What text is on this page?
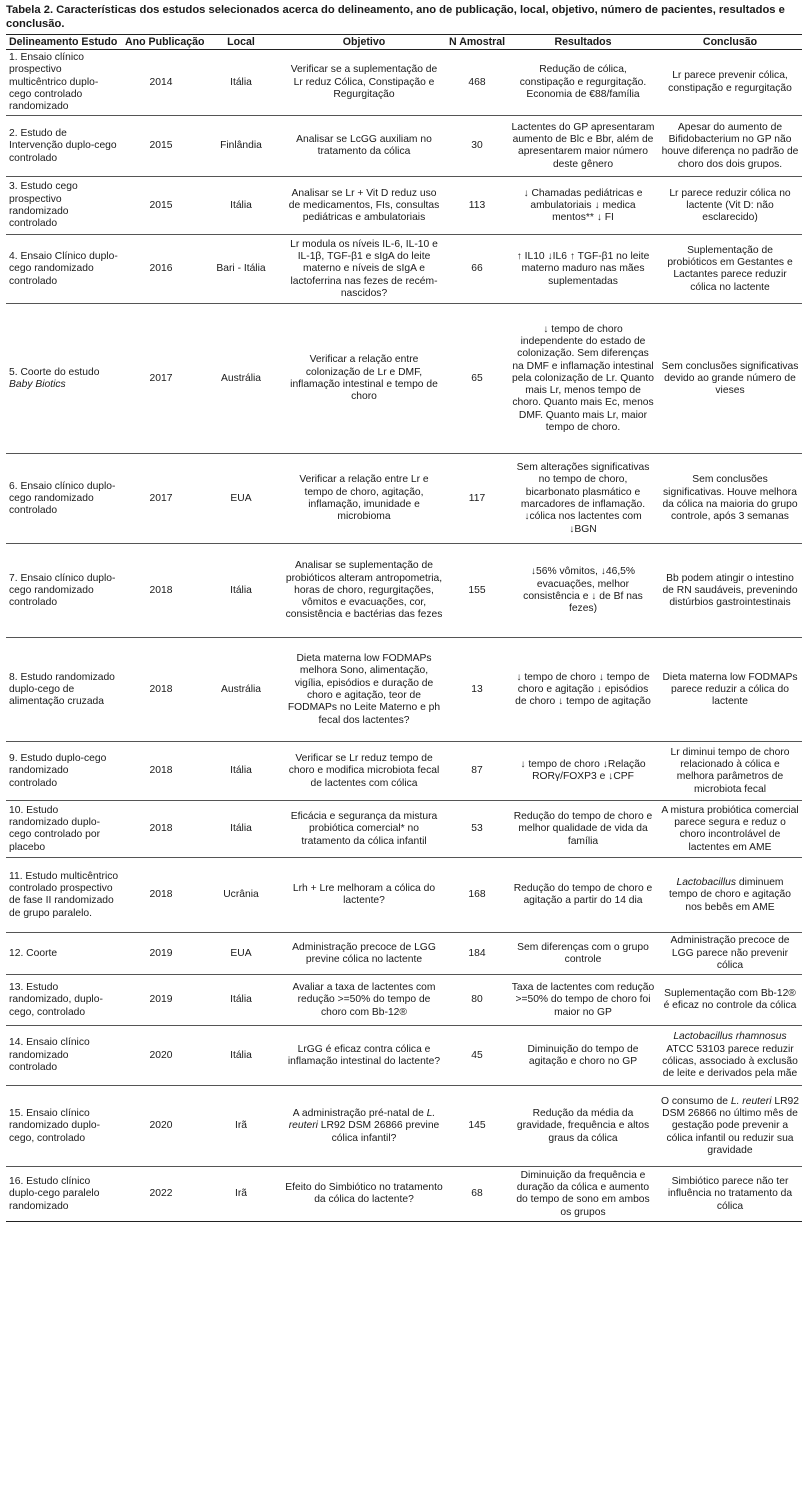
Tabela 2. Características dos estudos selecionados acerca do delineamento, ano de publicação, local, objetivo, número de pacientes, resultados e conclusão.
Delineamento Estudo	Ano Publicação	Local	Objetivo	N Amostral	Resultados	Conclusão
1. Ensaio clínico prospectivo multicêntrico duplo-cego controlado randomizado	2014	Itália	Verificar se a suplementação de Lr reduz Cólica, Constipação e Regurgitação	468	Redução de cólica, constipação e regurgitação. Economia de €88/família	Lr parece prevenir cólica, constipação e regurgitação
2. Estudo de Intervenção duplo-cego controlado	2015	Finlândia	Analisar se LcGG auxiliam no tratamento da cólica	30	Lactentes do GP apresentaram aumento de Blc e Bbr, além de apresentarem maior número deste gênero	Apesar do aumento de Bifidobacterium no GP não houve diferença no padrão de choro dos dois grupos.
3. Estudo cego prospectivo randomizado controlado	2015	Itália	Analisar se Lr + Vit D reduz uso de medicamentos, FIs, consultas pediátricas e ambulatoriais	113	↓ Chamadas pediátricas e ambulatoriais ↓ medica mentos** ↓ FI	Lr parece reduzir cólica no lactente (Vit D: não esclarecido)
4. Ensaio Clínico duplo-cego randomizado controlado	2016	Bari - Itália	Lr modula os níveis IL-6, IL-10 e IL-1β, TGF-β1 e sIgA do leite materno e níveis de sIgA e lactoferrina nas fezes de recém-nascidos?	66	↑ IL10 ↓IL6 ↑ TGF-β1 no leite materno maduro nas mães suplementadas	Suplementação de probióticos em Gestantes e Lactantes parece reduzir cólica no lactente
5. Coorte do estudo Baby Biotics	2017	Austrália	Verificar a relação entre colonização de Lr e DMF, inflamação intestinal e tempo de choro	65	↓ tempo de choro independente do estado de colonização. Sem diferenças na DMF e inflamação intestinal pela colonização de Lr. Quanto mais Lr, menos tempo de choro. Quanto mais Ec, menos DMF. Quanto mais Lr, maior tempo de choro.	Sem conclusões significativas devido ao grande número de vieses
6. Ensaio clínico duplo-cego randomizado controlado	2017	EUA	Verificar a relação entre Lr e tempo de choro, agitação, inflamação, imunidade e microbioma	117	Sem alterações significativas no tempo de choro, bicarbonato plasmático e marcadores de inflamação. ↓cólica nos lactentes com ↓BGN	Sem conclusões significativas. Houve melhora da cólica na maioria do grupo controle, após 3 semanas
7. Ensaio clínico duplo-cego randomizado controlado	2018	Itália	Analisar se suplementação de probióticos alteram antropometria, horas de choro, regurgitações, vômitos e evacuações, cor, consistência e bactérias das fezes	155	↓56% vômitos, ↓46,5% evacuações, melhor consistência e ↓ de Bf nas fezes)	Bb podem atingir o intestino de RN saudáveis, prevenindo distúrbios gastrointestinais
8. Estudo randomizado duplo-cego de alimentação cruzada	2018	Austrália	Dieta materna low FODMAPs melhora Sono, alimentação, vigília, episódios e duração de choro e agitação, teor de FODMAPs no Leite Materno e ph fecal dos lactentes?	13	↓ tempo de choro ↓ tempo de choro e agitação ↓ episódios de choro ↓ tempo de agitação	Dieta materna low FODMAPs parece reduzir a cólica do lactente
9. Estudo duplo-cego randomizado controlado	2018	Itália	Verificar se Lr reduz tempo de choro e modifica microbiota fecal de lactentes com cólica	87	↓ tempo de choro ↓Relação RORγ/FOXP3 e ↓CPF	Lr diminui tempo de choro relacionado à cólica e melhora parâmetros de microbiota fecal
10. Estudo randomizado duplo-cego controlado por placebo	2018	Itália	Eficácia e segurança da mistura probiótica comercial* no tratamento da cólica infantil	53	Redução do tempo de choro e melhor qualidade de vida da família	A mistura probiótica comercial parece segura e reduz o choro incontrolável de lactentes em AME
11. Estudo multicêntrico controlado prospectivo de fase II randomizado de grupo paralelo.	2018	Ucrânia	Lrh + Lre melhoram a cólica do lactente?	168	Redução do tempo de choro e agitação a partir do 14 dia	Lactobacillus diminuem tempo de choro e agitação nos bebês em AME
12. Coorte	2019	EUA	Administração precoce de LGG previne cólica no lactente	184	Sem diferenças com o grupo controle	Administração precoce de LGG parece não prevenir cólica
13. Estudo randomizado, duplo-cego, controlado	2019	Itália	Avaliar a taxa de lactentes com redução >=50% do tempo de choro com Bb-12®	80	Taxa de lactentes com redução >=50% do tempo de choro foi maior no GP	Suplementação com Bb-12® é eficaz no controle da cólica
14. Ensaio clínico randomizado controlado	2020	Itália	LrGG é eficaz contra cólica e inflamação intestinal do lactente?	45	Diminuição do tempo de agitação e choro no GP	Lactobacillus rhamnosus ATCC 53103 parece reduzir cólicas, associado à exclusão de leite e derivados pela mãe
15. Ensaio clínico randomizado duplo-cego, controlado	2020	Irã	A administração pré-natal de L. reuteri LR92 DSM 26866 previne cólica infantil?	145	Redução da média da gravidade, frequência e altos graus da cólica	O consumo de L. reuteri LR92 DSM 26866 no último mês de gestação pode prevenir a cólica infantil ou reduzir sua gravidade
16. Estudo clínico duplo-cego paralelo randomizado	2022	Irã	Efeito do Simbiótico no tratamento da cólica do lactente?	68	Diminuição da frequência e duração da cólica e aumento do tempo de sono em ambos os grupos	Simbiótico parece não ter influência no tratamento da cólica
